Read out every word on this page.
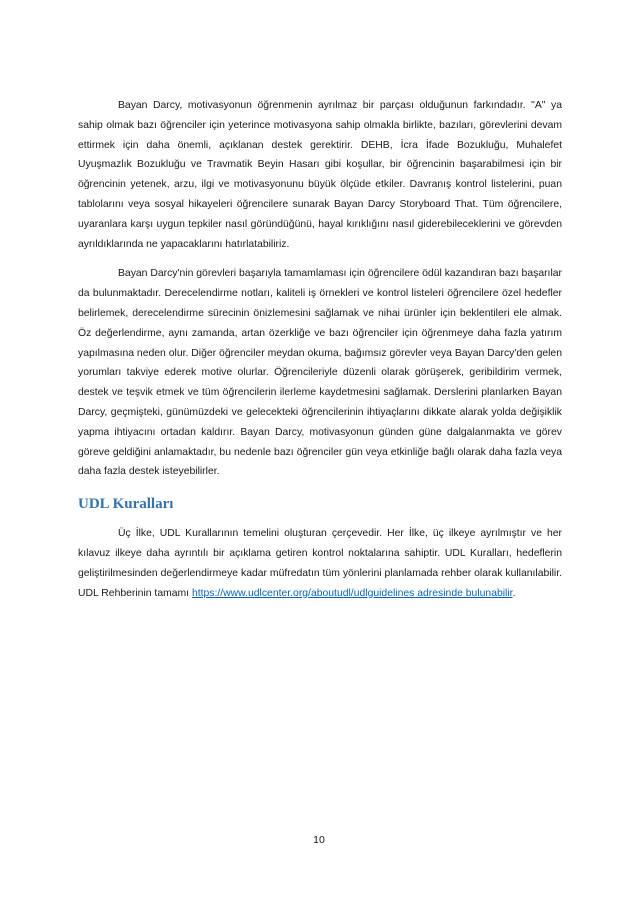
Bayan Darcy, motivasyonun öğrenmenin ayrılmaz bir parçası olduğunun farkındadır. "A" ya sahip olmak bazı öğrenciler için yeterince motivasyona sahip olmakla birlikte, bazıları, görevlerini devam ettirmek için daha önemli, açıklanan destek gerektirir. DEHB, İcra İfade Bozukluğu, Muhalefet Uyuşmazlık Bozukluğu ve Travmatik Beyin Hasarı gibi koşullar, bir öğrencinin başarabilmesi için bir öğrencinin yetenek, arzu, ilgi ve motivasyonunu büyük ölçüde etkiler. Davranış kontrol listelerini, puan tablolarını veya sosyal hikayeleri öğrencilere sunarak Bayan Darcy Storyboard That. Tüm öğrencilere, uyaranlara karşı uygun tepkiler nasıl göründüğünü, hayal kırıklığını nasıl giderebileceklerini ve görevden ayrıldıklarında ne yapacaklarını hatırlatabiliriz.

Bayan Darcy'nin görevleri başarıyla tamamlaması için öğrencilere ödül kazandıran bazı başarılar da bulunmaktadır. Derecelendirme notları, kaliteli iş örnekleri ve kontrol listeleri öğrencilere özel hedefler belirlemek, derecelendirme sürecinin önizlemesini sağlamak ve nihai ürünler için beklentileri ele almak. Öz değerlendirme, aynı zamanda, artan özerkliğe ve bazı öğrenciler için öğrenmeye daha fazla yatırım yapılmasına neden olur. Diğer öğrenciler meydan okuma, bağımsız görevler veya Bayan Darcy'den gelen yorumları takviye ederek motive olurlar. Öğrencileriyle düzenli olarak görüşerek, geribildirim vermek, destek ve teşvik etmek ve tüm öğrencilerin ilerleme kaydetmesini sağlamak. Derslerini planlarken Bayan Darcy, geçmişteki, günümüzdeki ve gelecekteki öğrencilerinin ihtiyaçlarını dikkate alarak yolda değişiklik yapma ihtiyacını ortadan kaldırır. Bayan Darcy, motivasyonun günden güne dalgalanmakta ve görev göreve geldiğini anlamaktadır, bu nedenle bazı öğrenciler gün veya etkinliğe bağlı olarak daha fazla veya daha fazla destek isteyebilirler.

UDL Kuralları

Üç İlke, UDL Kurallarının temelini oluşturan çerçevedir. Her İlke, üç ilkeye ayrılmıştır ve her kılavuz ilkeye daha ayrıntılı bir açıklama getiren kontrol noktalarına sahiptir. UDL Kuralları, hedeflerin geliştirilmesinden değerlendirmeye kadar müfredatın tüm yönlerini planlamada rehber olarak kullanılabilir. UDL Rehberinin tamamı https://www.udlcenter.org/aboutudl/udlguidelines adresinde bulunabilir.

10
